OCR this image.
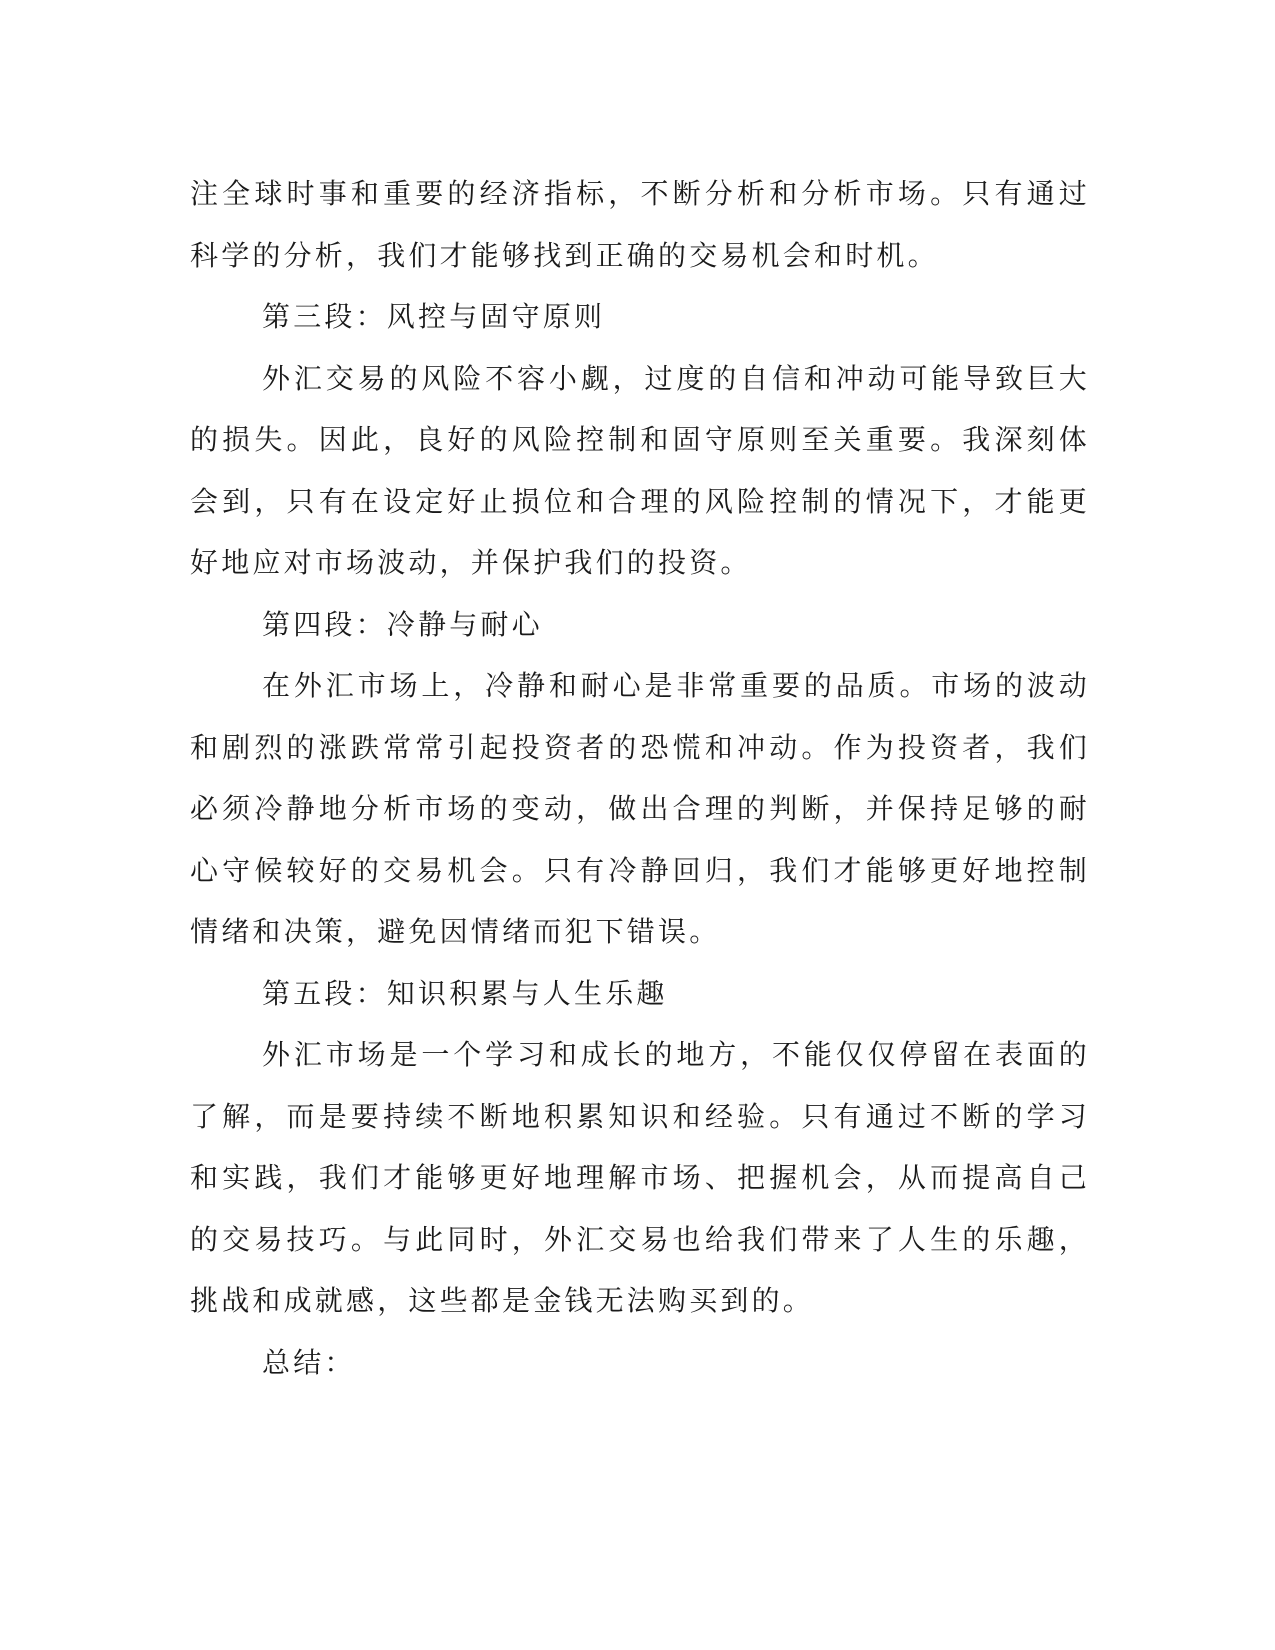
注全球时事和重要的经济指标，不断分析和分析市场。只有通过科学的分析，我们才能够找到正确的交易机会和时机。

第三段：风控与固守原则

外汇交易的风险不容小觑，过度的自信和冲动可能导致巨大的损失。因此，良好的风险控制和固守原则至关重要。我深刻体会到，只有在设定好止损位和合理的风险控制的情况下，才能更好地应对市场波动，并保护我们的投资。

第四段：冷静与耐心

在外汇市场上，冷静和耐心是非常重要的品质。市场的波动和剧烈的涨跌常常引起投资者的恐慌和冲动。作为投资者，我们必须冷静地分析市场的变动，做出合理的判断，并保持足够的耐心守候较好的交易机会。只有冷静回归，我们才能够更好地控制情绪和决策，避免因情绪而犯下错误。

第五段：知识积累与人生乐趣

外汇市场是一个学习和成长的地方，不能仅仅停留在表面的了解，而是要持续不断地积累知识和经验。只有通过不断的学习和实践，我们才能够更好地理解市场、把握机会，从而提高自己的交易技巧。与此同时，外汇交易也给我们带来了人生的乐趣，挑战和成就感，这些都是金钱无法购买到的。

总结：
